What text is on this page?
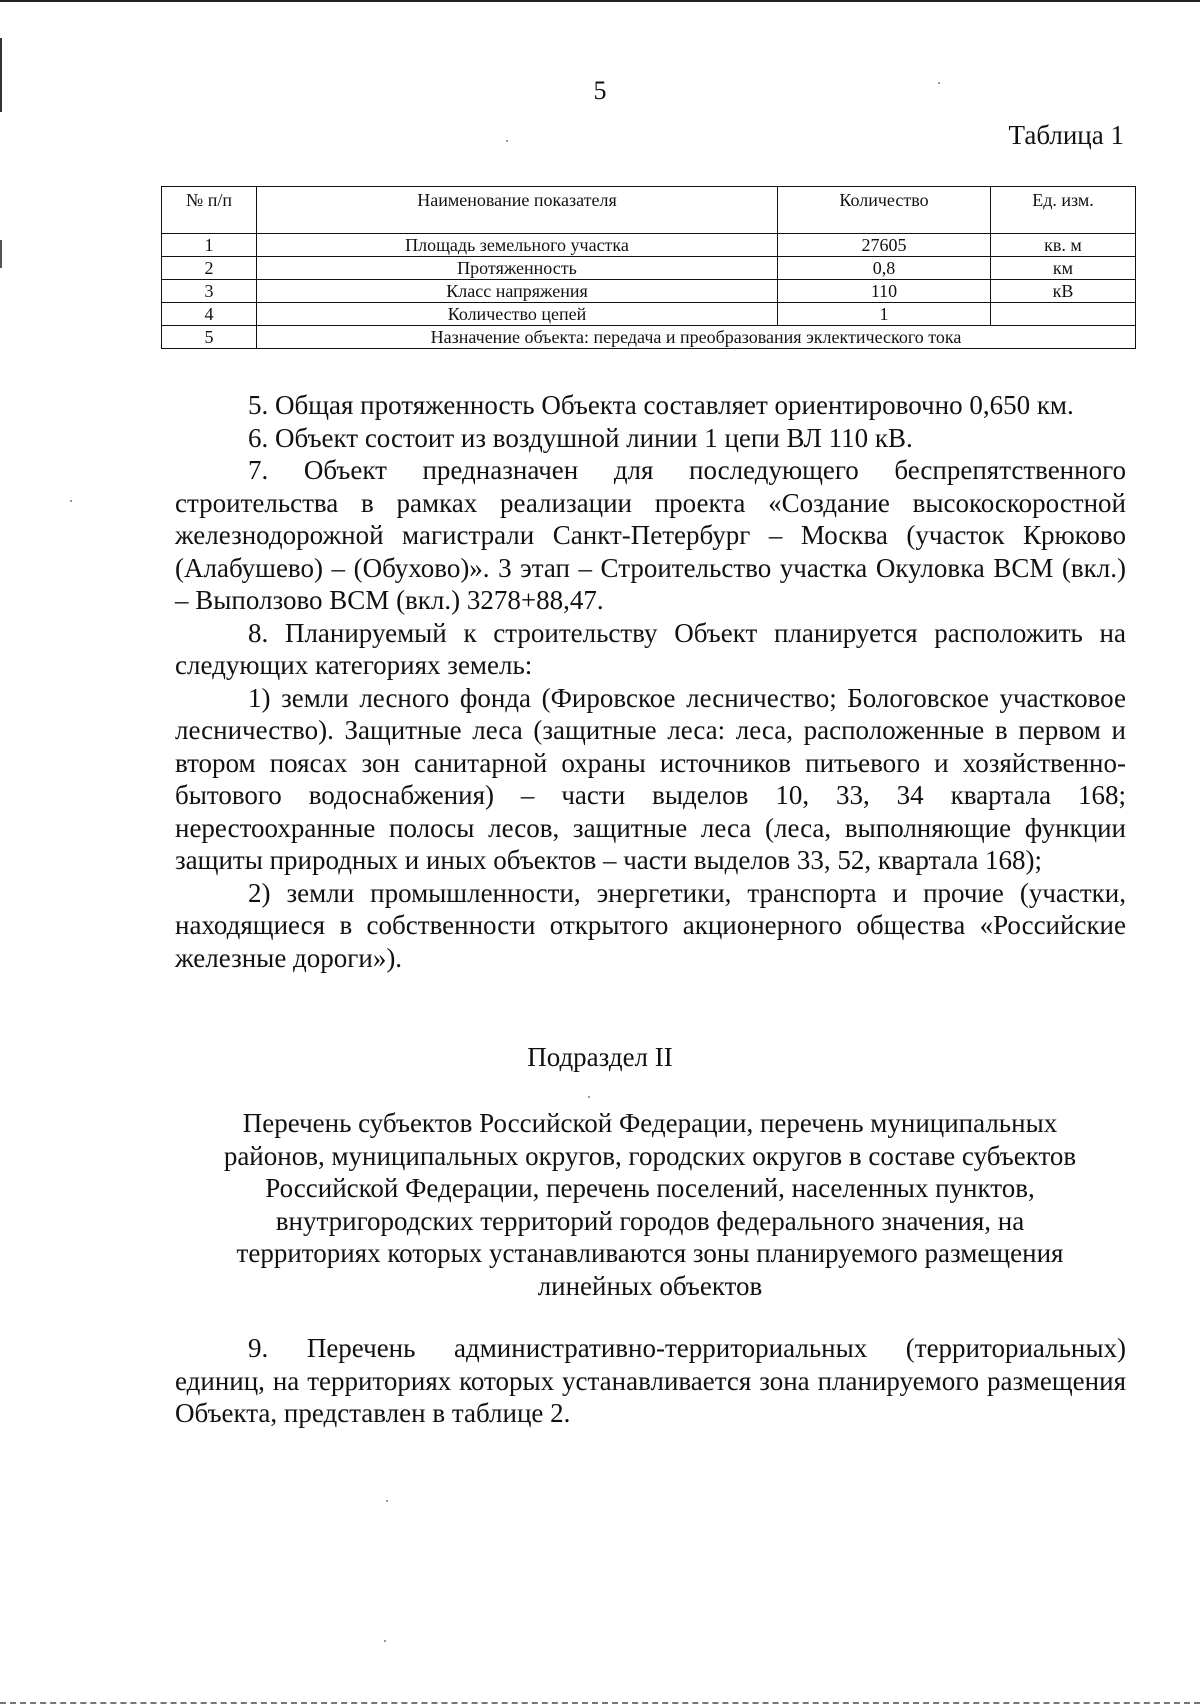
5
Таблица 1
№ п/п	Наименование показателя	Количество	Ед. изм.
1	Площадь земельного участка	27605	кв. м
2	Протяженность	0,8	км
3	Класс напряжения	110	кВ
4	Количество цепей	1	
5	Назначение объекта: передача и преобразования эклектического тока		

5. Общая протяженность Объекта составляет ориентировочно 0,650 км.

6. Объект состоит из воздушной линии 1 цепи ВЛ 110 кВ.

7. Объект предназначен для последующего беспрепятственного строительства в рамках реализации проекта «Создание высокоскоростной железнодорожной магистрали Санкт-Петербург – Москва (участок Крюково (Алабушево) – (Обухово)». 3 этап – Строительство участка Окуловка ВСМ (вкл.) – Выползово ВСМ (вкл.) 3278+88,47.

8. Планируемый к строительству Объект планируется расположить на следующих категориях земель:

1) земли лесного фонда (Фировское лесничество; Бологовское участковое лесничество). Защитные леса (защитные леса: леса, расположенные в первом и втором поясах зон санитарной охраны источников питьевого и хозяйственно-бытового водоснабжения) – части выделов 10, 33, 34 квартала 168; нерестоохранные полосы лесов, защитные леса (леса, выполняющие функции защиты природных и иных объектов – части выделов 33, 52, квартала 168);

2) земли промышленности, энергетики, транспорта и прочие (участки, находящиеся в собственности открытого акционерного общества «Российские железные дороги»).

Подраздел II
Перечень субъектов Российской Федерации, перечень муниципальных
районов, муниципальных округов, городских округов в составе субъектов
Российской Федерации, перечень поселений, населенных пунктов,
внутригородских территорий городов федерального значения, на
территориях которых устанавливаются зоны планируемого размещения
линейных объектов

9. Перечень административно-территориальных (территориальных) единиц, на территориях которых устанавливается зона планируемого размещения Объекта, представлен в таблице 2.
